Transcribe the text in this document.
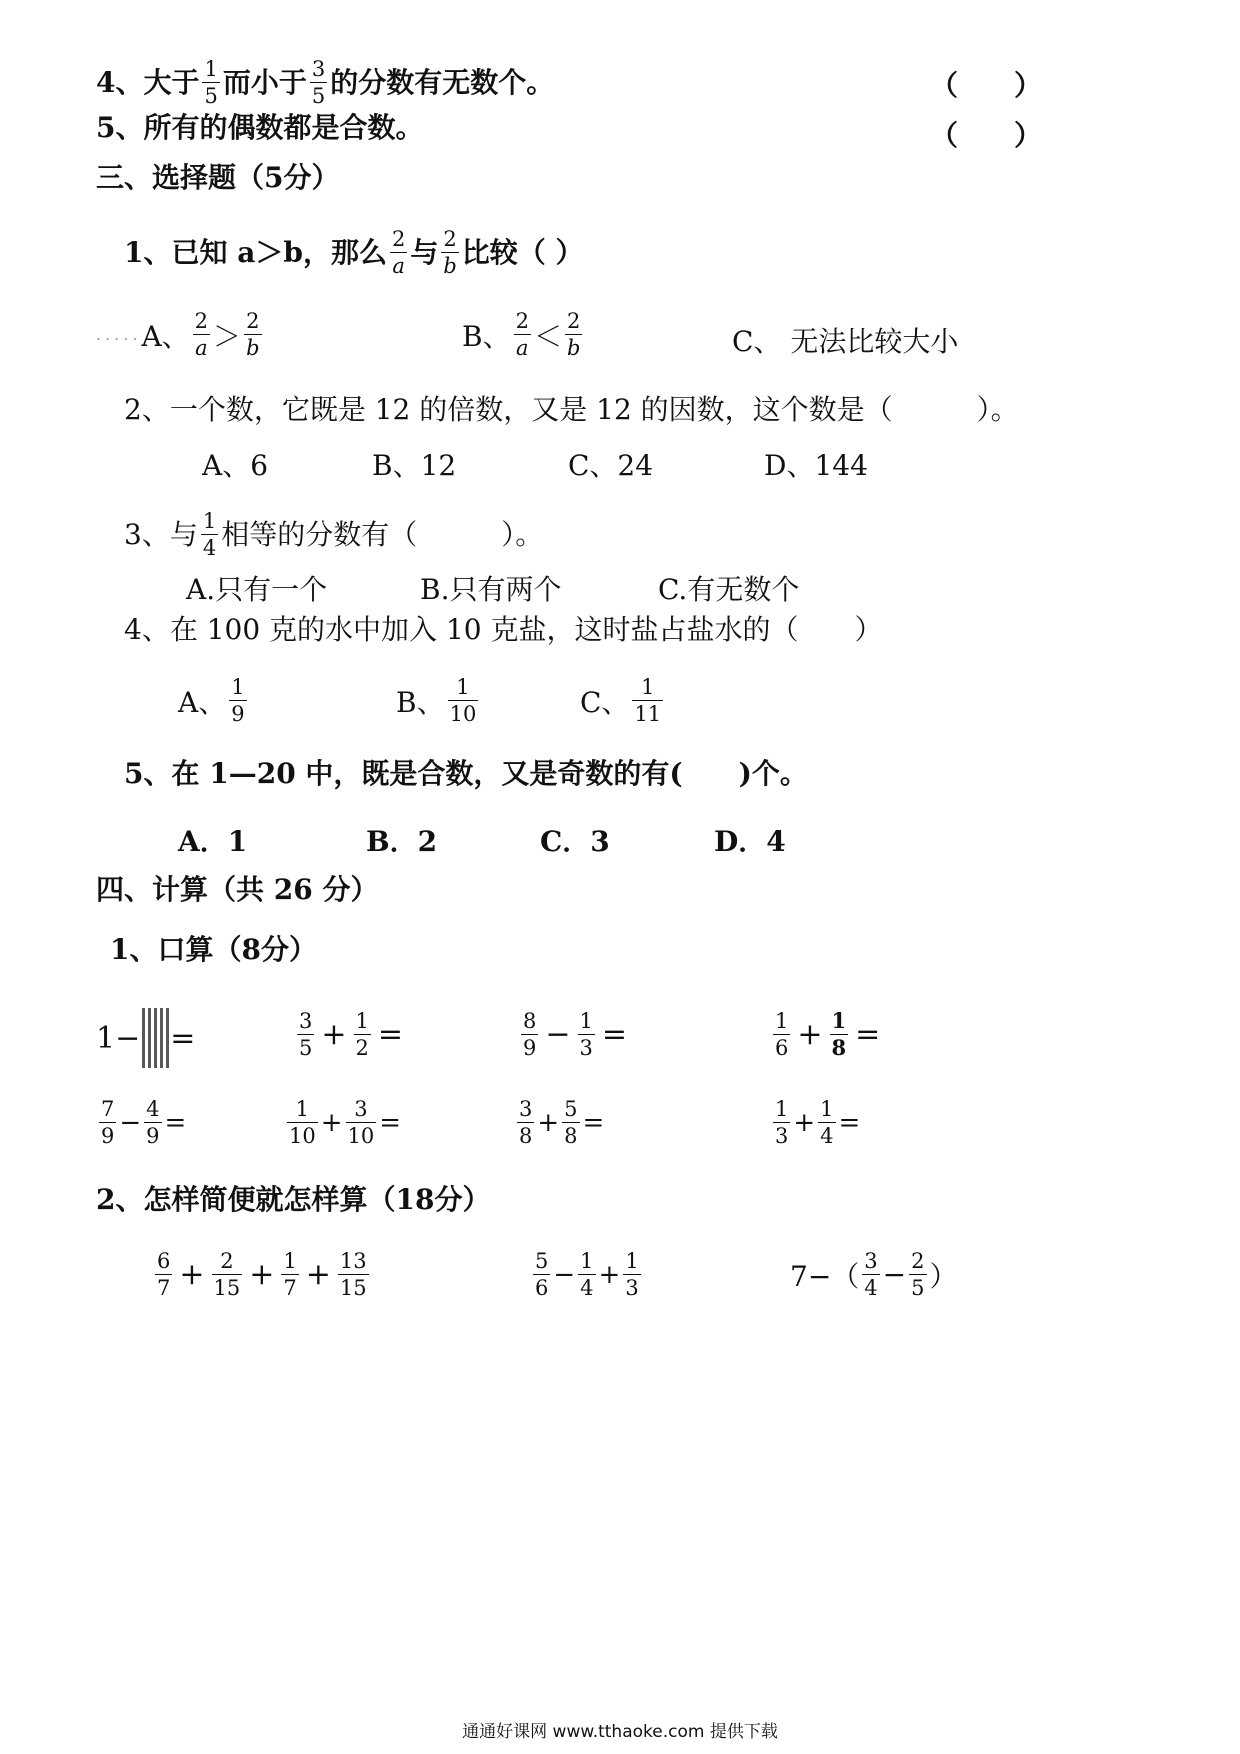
4、大于 $\frac{1}{5}$ 而小于 $\frac{3}{5}$ 的分数有无数个。	（　　）
5、所有的偶数都是合数。	（　　）
三、选择题（5分）
1、已知 a＞b，那么 $\frac{2}{a}$ 与 $\frac{2}{b}$ 比较（ ）
..... A、 $\frac{2}{a} > \frac{2}{b}$	B、 $\frac{2}{a} < \frac{2}{b}$	C、 无法比较大小
2、一个数，它既是 12 的倍数，又是 12 的因数，这个数是（　　　）。
A、6	B、12	C、24	D、144
3、与 $\frac{1}{4}$ 相等的分数有（　　　）。
A.只有一个	B.只有两个	C.有无数个
4、在 100 克的水中加入 10 克盐，这时盐占盐水的（　　）
A、 $\frac{1}{9}$	B、 $\frac{1}{10}$	C、 $\frac{1}{11}$
5、在 1—20 中，既是合数，又是奇数的有(　　)个。
A．1	B．2	C．3	D．4
四、计算（共 26 分）
1、口算（8分）
1− =	$\frac{3}{5} + \frac{1}{2}$ =	$\frac{8}{9} - \frac{1}{3}$ =	$\frac{1}{6} + \frac{1}{8}$ =
$\frac{7}{9} - \frac{4}{9}$ =	$\frac{1}{10} + \frac{3}{10}$ =	$\frac{3}{8} + \frac{5}{8}$ =	$\frac{1}{3} + \frac{1}{4}$ =
2、怎样简便就怎样算（18分）
$\frac{6}{7} + \frac{2}{15} + \frac{1}{7} + \frac{13}{15}$	$\frac{5}{6} - \frac{1}{4} + \frac{1}{3}$	$7-( \frac{3}{4} - \frac{2}{5}$ ）
通通好课网 www.tthaoke.com 提供下载
